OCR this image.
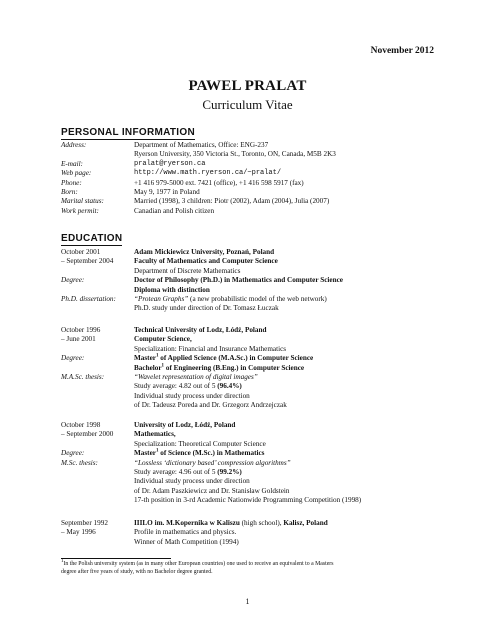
November 2012
PAWEL PRALAT
Curriculum Vitae
PERSONAL INFORMATION
Address:	Department of Mathematics, Office: ENG-237
Ryerson University, 350 Victoria St., Toronto, ON, Canada, M5B 2K3
E-mail:	pralat@ryerson.ca
Web page:	http://www.math.ryerson.ca/~pralat/
Phone:	+1 416 979-5000 ext. 7421 (office), +1 416 598 5917 (fax)
Born:	May 9, 1977 in Poland
Marital status:	Married (1998), 3 children: Piotr (2002), Adam (2004), Julia (2007)
Work permit:	Canadian and Polish citizen
EDUCATION
October 2001	Adam Mickiewicz University, Poznań, Poland
– September 2004	Faculty of Mathematics and Computer Science
Department of Discrete Mathematics
Degree:	Doctor of Philosophy (Ph.D.) in Mathematics and Computer Science
Diploma with distinction
Ph.D. dissertation:	“Protean Graphs” (a new probabilistic model of the web network)
Ph.D. study under direction of Dr. Tomasz Łuczak
October 1996	Technical University of Lodz, Łódź, Poland
– June 2001	Computer Science,
Specialization: Financial and Insurance Mathematics
Degree:	Master$^1$ of Applied Science (M.A.Sc.) in Computer Science
Bachelor$^1$ of Engineering (B.Eng.) in Computer Science
M.A.Sc. thesis:	“Wavelet representation of digital images”
Study average: 4.82 out of 5 (96.4%)
Individual study process under direction
of Dr. Tadeusz Poreda and Dr. Grzegorz Andrzejczak
October 1998	University of Lodz, Łódź, Poland
– September 2000	Mathematics,
Specialization: Theoretical Computer Science
Degree:	Master$^1$ of Science (M.Sc.) in Mathematics
M.Sc. thesis:	“Lossless ‘dictionary based’ compression algorithms”
Study average: 4.96 out of 5 (99.2%)
Individual study process under direction
of Dr. Adam Paszkiewicz and Dr. Stanisław Goldstein
17-th position in 3-rd Academic Nationwide Programming Competition (1998)
September 1992	IIILO im. M.Kopernika w Kaliszu (high school), Kalisz, Poland
– May 1996	Profile in mathematics and physics.
Winner of Math Competition (1994)
$^1$In the Polish university system (as in many other European countries) one used to receive an equivalent to a Masters
degree after five years of study, with no Bachelor degree granted.
1
